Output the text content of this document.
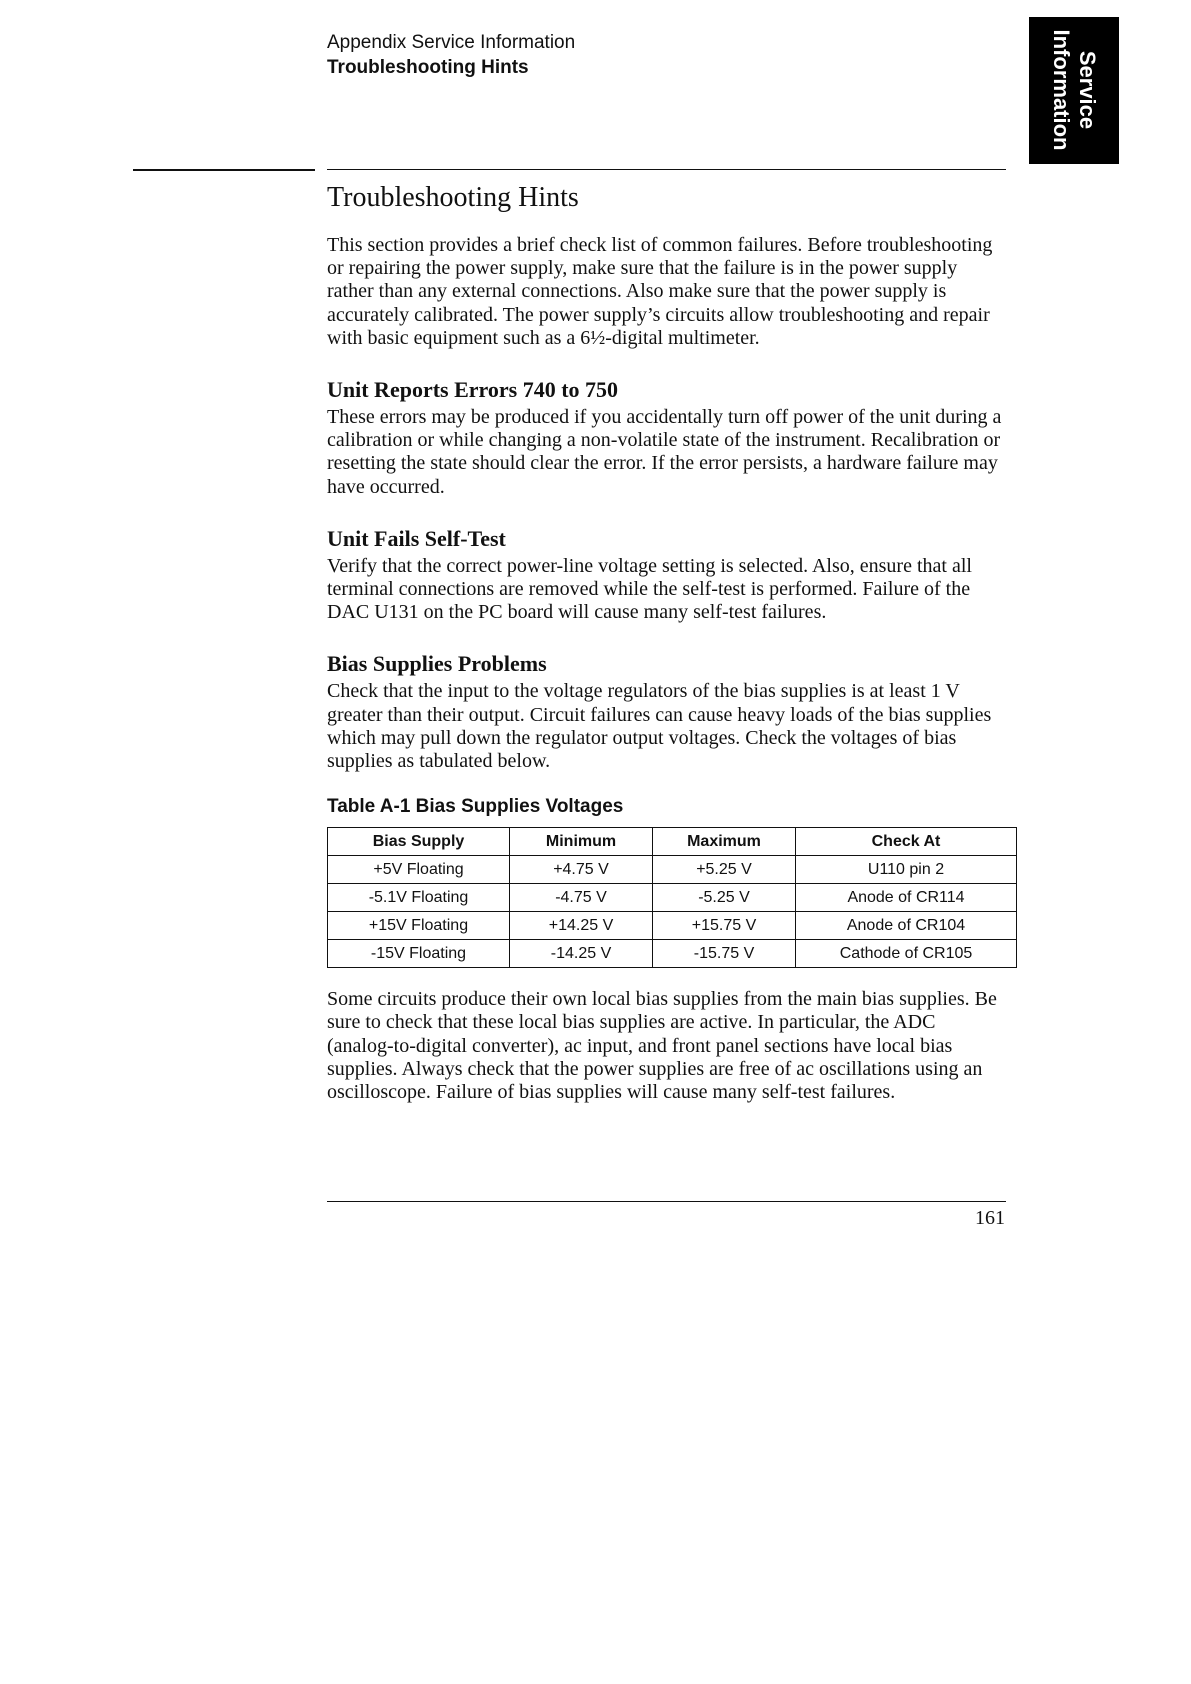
Appendix Service Information
Troubleshooting Hints	Service
Information
Troubleshooting Hints

This section provides a brief check list of common failures. Before troubleshooting or repairing the power supply, make sure that the failure is in the power supply rather than any external connections. Also make sure that the power supply is accurately calibrated. The power supply’s circuits allow troubleshooting and repair with basic equipment such as a 6½-digital multimeter.

Unit Reports Errors 740 to 750

These errors may be produced if you accidentally turn off power of the unit during a calibration or while changing a non-volatile state of the instrument. Recalibration or resetting the state should clear the error. If the error persists, a hardware failure may have occurred.

Unit Fails Self-Test

Verify that the correct power-line voltage setting is selected. Also, ensure that all terminal connections are removed while the self-test is performed. Failure of the DAC U131 on the PC board will cause many self-test failures.

Bias Supplies Problems

Check that the input to the voltage regulators of the bias supplies is at least 1 V greater than their output. Circuit failures can cause heavy loads of the bias supplies which may pull down the regulator output voltages. Check the voltages of bias supplies as tabulated below.

Table A-1 Bias Supplies Voltages
Bias Supply	Minimum	Maximum	Check At
+5V Floating	+4.75 V	+5.25 V	U110 pin 2
-5.1V Floating	-4.75 V	-5.25 V	Anode of CR114
+15V Floating	+14.25 V	+15.75 V	Anode of CR104
-15V Floating	-14.25 V	-15.75 V	Cathode of CR105

Some circuits produce their own local bias supplies from the main bias supplies. Be sure to check that these local bias supplies are active. In particular, the ADC (analog-to-digital converter), ac input, and front panel sections have local bias supplies. Always check that the power supplies are free of ac oscillations using an oscilloscope. Failure of bias supplies will cause many self-test failures.

161
